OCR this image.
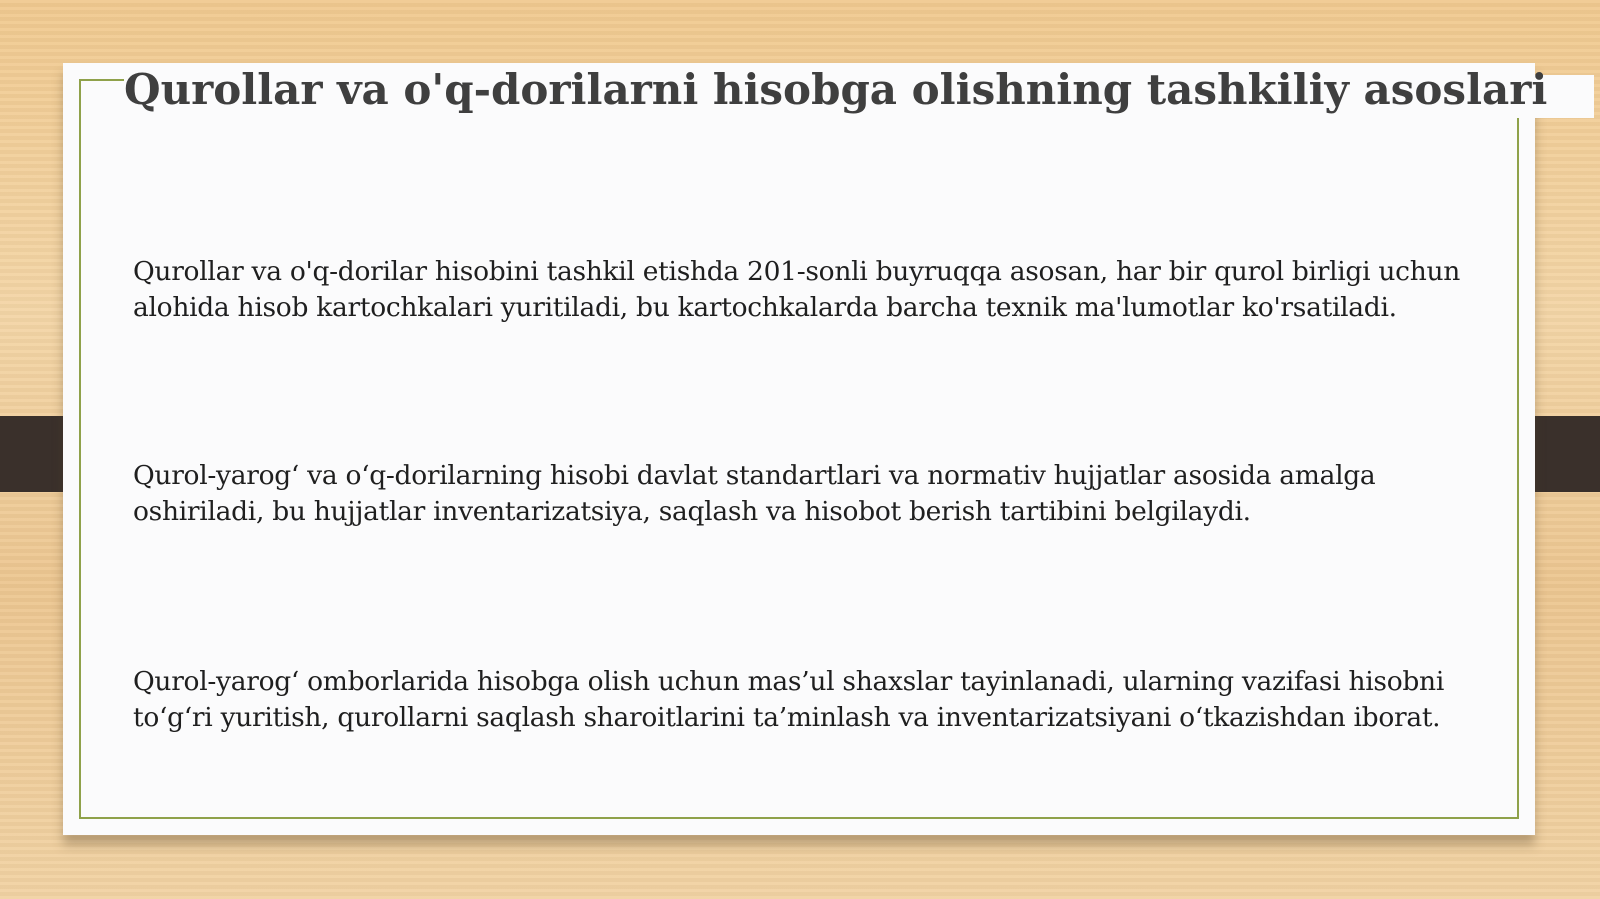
Qurollar va o'q-dorilarni hisobga olishning tashkiliy asoslari

Qurollar va o'q-dorilar hisobini tashkil etishda 201-sonli buyruqqa asosan, har bir qurol birligi uchun alohida hisob kartochkalari yuritiladi, bu kartochkalarda barcha texnik ma'lumotlar ko'rsatiladi.

Qurol-yarog‘ va o‘q-dorilarning hisobi davlat standartlari va normativ hujjatlar asosida amalga oshiriladi, bu hujjatlar inventarizatsiya, saqlash va hisobot berish tartibini belgilaydi.

Qurol-yarog‘ omborlarida hisobga olish uchun mas’ul shaxslar tayinlanadi, ularning vazifasi hisobni to‘g‘ri yuritish, qurollarni saqlash sharoitlarini ta’minlash va inventarizatsiyani o‘tkazishdan iborat.
